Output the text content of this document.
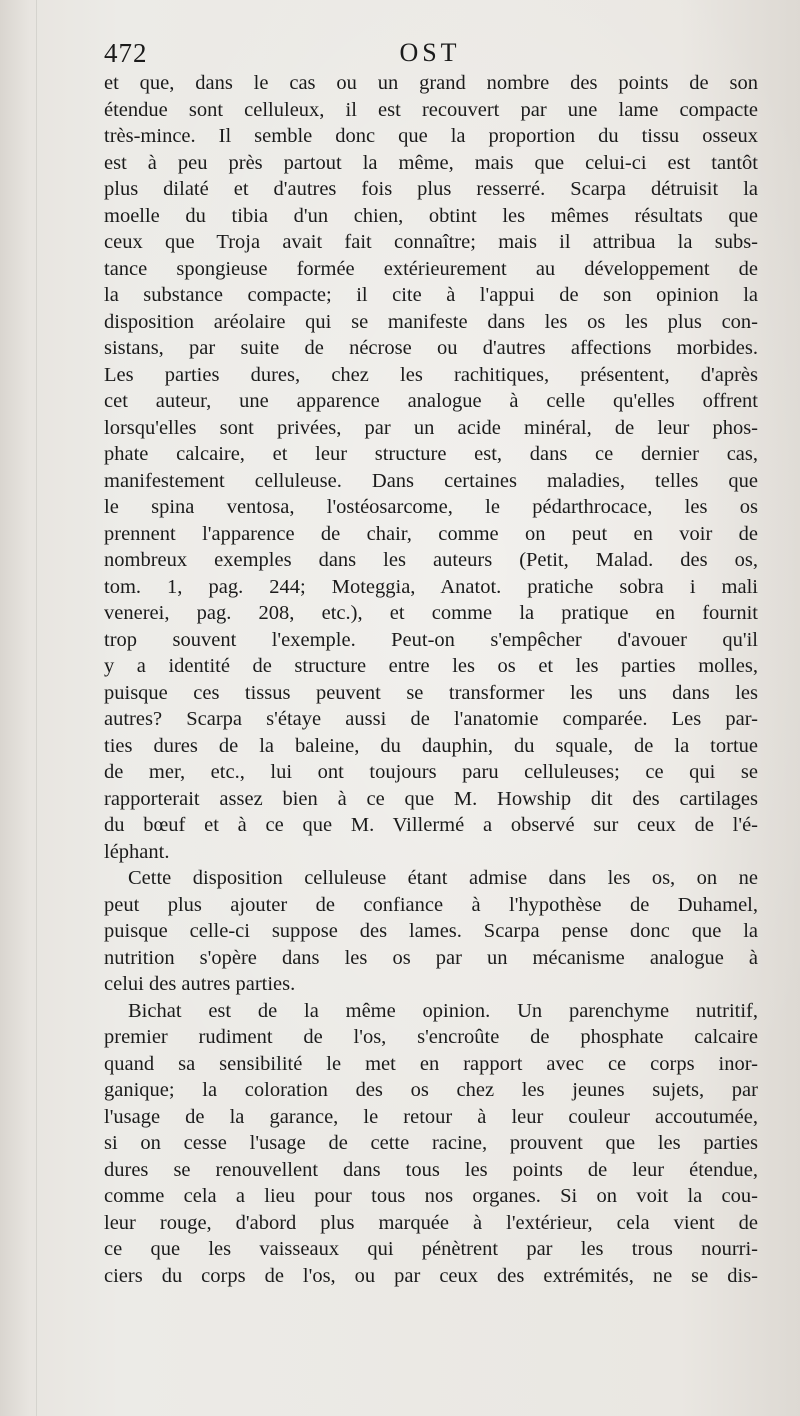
472	OST
et que, dans le cas ou un grand nombre des points de son
étendue sont celluleux, il est recouvert par une lame compacte
très-mince. Il semble donc que la proportion du tissu osseux
est à peu près partout la même, mais que celui-ci est tantôt
plus dilaté et d'autres fois plus resserré. Scarpa détruisit la
moelle du tibia d'un chien, obtint les mêmes résultats que
ceux que Troja avait fait connaître; mais il attribua la subs-
tance spongieuse formée extérieurement au développement de
la substance compacte; il cite à l'appui de son opinion la
disposition aréolaire qui se manifeste dans les os les plus con-
sistans, par suite de nécrose ou d'autres affections morbides.
Les parties dures, chez les rachitiques, présentent, d'après
cet auteur, une apparence analogue à celle qu'elles offrent
lorsqu'elles sont privées, par un acide minéral, de leur phos-
phate calcaire, et leur structure est, dans ce dernier cas,
manifestement celluleuse. Dans certaines maladies, telles que
le spina ventosa, l'ostéosarcome, le pédarthrocace, les os
prennent l'apparence de chair, comme on peut en voir de
nombreux exemples dans les auteurs (Petit, Malad. des os,
tom. 1, pag. 244; Moteggia, Anatot. pratiche sobra i mali
venerei, pag. 208, etc.), et comme la pratique en fournit
trop souvent l'exemple. Peut-on s'empêcher d'avouer qu'il
y a identité de structure entre les os et les parties molles,
puisque ces tissus peuvent se transformer les uns dans les
autres? Scarpa s'étaye aussi de l'anatomie comparée. Les par-
ties dures de la baleine, du dauphin, du squale, de la tortue
de mer, etc., lui ont toujours paru celluleuses; ce qui se
rapporterait assez bien à ce que M. Howship dit des cartilages
du bœuf et à ce que M. Villermé a observé sur ceux de l'é-
léphant.
Cette disposition celluleuse étant admise dans les os, on ne
peut plus ajouter de confiance à l'hypothèse de Duhamel,
puisque celle-ci suppose des lames. Scarpa pense donc que la
nutrition s'opère dans les os par un mécanisme analogue à
celui des autres parties.
Bichat est de la même opinion. Un parenchyme nutritif,
premier rudiment de l'os, s'encroûte de phosphate calcaire
quand sa sensibilité le met en rapport avec ce corps inor-
ganique; la coloration des os chez les jeunes sujets, par
l'usage de la garance, le retour à leur couleur accoutumée,
si on cesse l'usage de cette racine, prouvent que les parties
dures se renouvellent dans tous les points de leur étendue,
comme cela a lieu pour tous nos organes. Si on voit la cou-
leur rouge, d'abord plus marquée à l'extérieur, cela vient de
ce que les vaisseaux qui pénètrent par les trous nourri-
ciers du corps de l'os, ou par ceux des extrémités, ne se dis-
